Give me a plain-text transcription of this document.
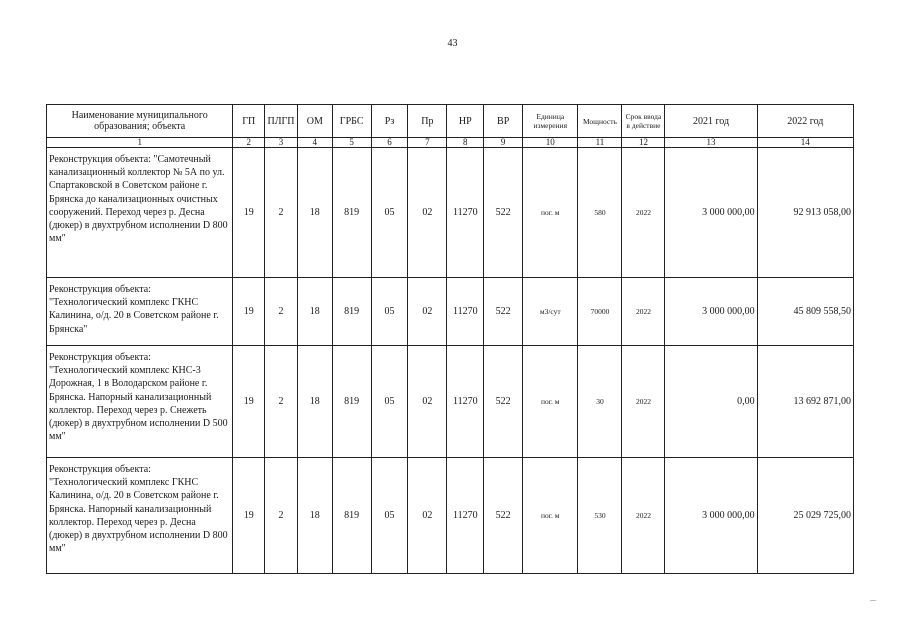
43
Наименование муниципального образования; объекта	ГП	ПЛГП	ОМ	ГРБС	Рз	Пр	НР	ВР	Единица измерения	Мощность	Срок ввода в действие	2021 год	2022 год
1	2	3	4	5	6	7	8	9	10	11	12	13	14
Реконструкция объекта: "Самотечный канализационный коллектор № 5А по ул. Спартаковской в Советском районе г. Брянска до канализационных очистных сооружений. Переход через р. Десна (дюкер) в двухтрубном исполнении D 800 мм"	19	2	18	819	05	02	11270	522	пог. м	580	2022	3 000 000,00	92 913 058,00
Реконструкция объекта: "Технологический комплекс ГКНС Калинина, о/д. 20 в Советском районе г. Брянска"	19	2	18	819	05	02	11270	522	м3/сут	70000	2022	3 000 000,00	45 809 558,50
Реконструкция объекта: "Технологический комплекс КНС-3 Дорожная, 1 в Володарском районе г. Брянска. Напорный канализационный коллектор. Переход через р. Снежеть (дюкер) в двухтрубном исполнении D 500 мм"	19	2	18	819	05	02	11270	522	пог. м	30	2022	0,00	13 692 871,00
Реконструкция объекта: "Технологический комплекс ГКНС Калинина, о/д. 20 в Советском районе г. Брянска. Напорный канализационный коллектор. Переход через р. Десна (дюкер) в двухтрубном исполнении D 800 мм"	19	2	18	819	05	02	11270	522	пог. м	530	2022	3 000 000,00	25 029 725,00
